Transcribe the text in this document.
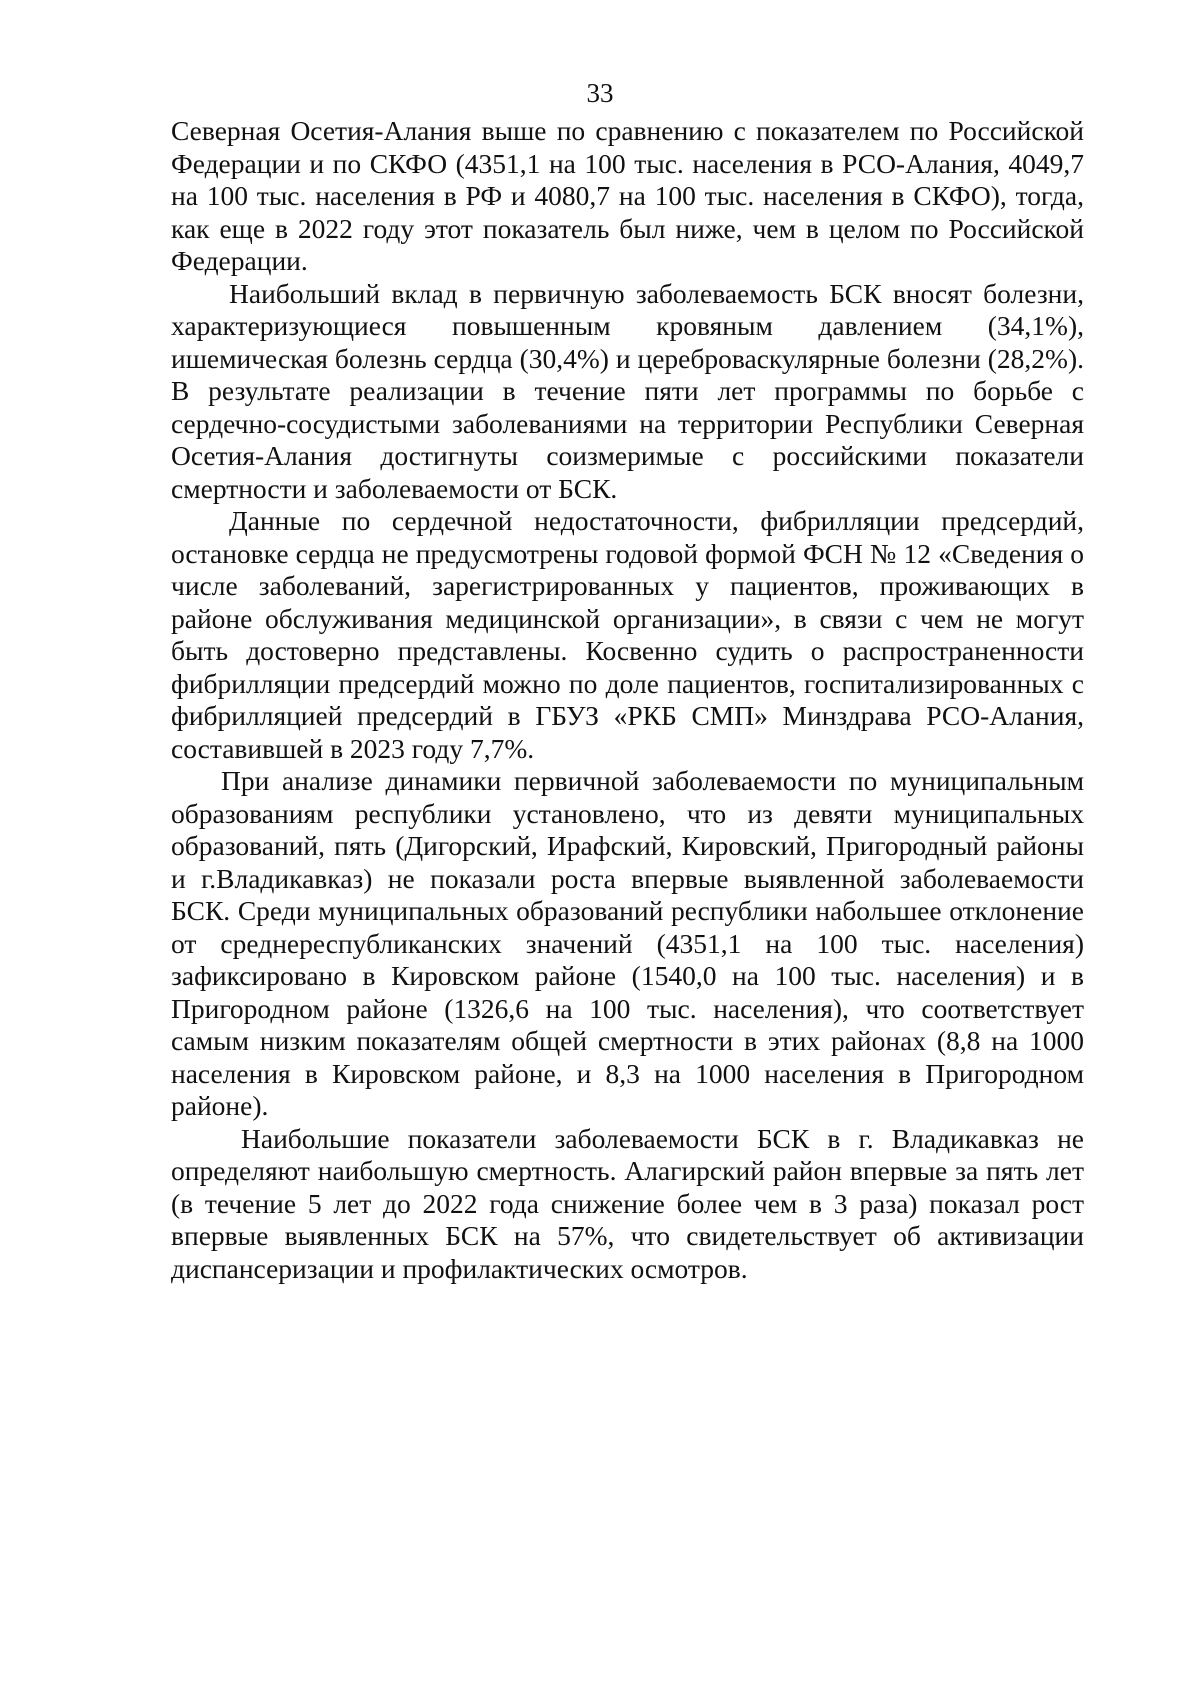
33

Северная Осетия-Алания выше по сравнению с показателем по Российской Федерации и по СКФО (4351,1 на 100 тыс. населения в РСО-Алания, 4049,7 на 100 тыс. населения в РФ и 4080,7 на 100 тыс. населения в СКФО), тогда, как еще в 2022 году этот показатель был ниже, чем в целом по Российской Федерации.

Наибольший вклад в первичную заболеваемость БСК вносят болезни, характеризующиеся повышенным кровяным давлением (34,1%), ишемическая болезнь сердца (30,4%) и цереброваскулярные болезни (28,2%). В результате реализации в течение пяти лет программы по борьбе с сердечно-сосудистыми заболеваниями на территории Республики Северная Осетия-Алания достигнуты соизмеримые с российскими показатели смертности и заболеваемости от БСК.

Данные по сердечной недостаточности, фибрилляции предсердий, остановке сердца не предусмотрены годовой формой ФСН № 12 «Сведения о числе заболеваний, зарегистрированных у пациентов, проживающих в районе обслуживания медицинской организации», в связи с чем не могут быть достоверно представлены. Косвенно судить о распространенности фибрилляции предсердий можно по доле пациентов, госпитализированных с фибрилляцией предсердий в ГБУЗ «РКБ СМП» Минздрава РСО-Алания, составившей в 2023 году 7,7%.

При анализе динамики первичной заболеваемости по муниципальным образованиям республики установлено, что из девяти муниципальных образований, пять (Дигорский, Ирафский, Кировский, Пригородный районы и г.Владикавказ) не показали роста впервые выявленной заболеваемости БСК. Среди муниципальных образований республики набольшее отклонение от среднереспубликанских значений (4351,1 на 100 тыс. населения) зафиксировано в Кировском районе (1540,0 на 100 тыс. населения) и в Пригородном районе (1326,6 на 100 тыс. населения), что соответствует самым низким показателям общей смертности в этих районах (8,8 на 1000 населения в Кировском районе, и 8,3 на 1000 населения в Пригородном районе).

Наибольшие показатели заболеваемости БСК в г. Владикавказ не определяют наибольшую смертность. Алагирский район впервые за пять лет (в течение 5 лет до 2022 года снижение более чем в 3 раза) показал рост впервые выявленных БСК на 57%, что свидетельствует об активизации диспансеризации и профилактических осмотров.
